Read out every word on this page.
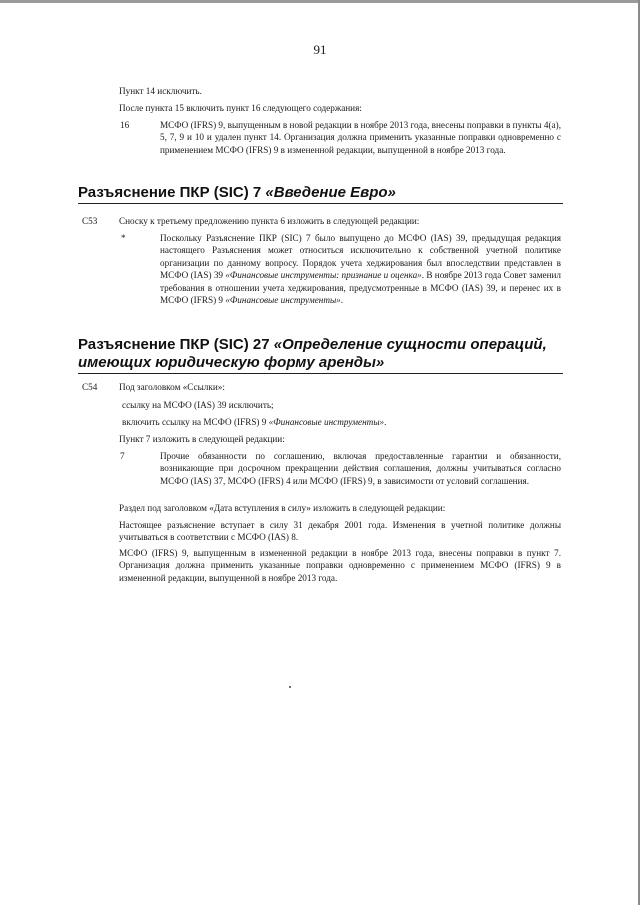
91

Пункт 14 исключить.

После пункта 15 включить пункт 16 следующего содержания:

16	МСФО (IFRS) 9, выпущенным в новой редакции в ноябре 2013 года, внесены поправки в пункты 4(a), 5, 7, 9 и 10 и удален пункт 14. Организация должна применить указанные поправки одновременно с применением МСФО (IFRS) 9 в измененной редакции, выпущенной в ноябре 2013 года.

Разъяснение ПКР (SIC) 7 «Введение Евро»
C53 Сноску к третьему предложению пункта 6 изложить в следующей редакции:

*	Поскольку Разъяснение ПКР (SIC) 7 было выпущено до МСФО (IAS) 39, предыдущая редакция настоящего Разъяснения может относиться исключительно к собственной учетной политике организации по данному вопросу. Порядок учета хеджирования был впоследствии представлен в МСФО (IAS) 39 «Финансовые инструменты: признание и оценка». В ноябре 2013 года Совет заменил требования в отношении учета хеджирования, предусмотренные в МСФО (IAS) 39, и перенес их в МСФО (IFRS) 9 «Финансовые инструменты».

Разъяснение ПКР (SIC) 27 «Определение сущности операций, имеющих юридическую форму аренды»
C54 Под заголовком «Ссылки»:

ссылку на МСФО (IAS) 39 исключить;

включить ссылку на МСФО (IFRS) 9 «Финансовые инструменты».

Пункт 7 изложить в следующей редакции:

7	Прочие обязанности по соглашению, включая предоставленные гарантии и обязанности, возникающие при досрочном прекращении действия соглашения, должны учитываться согласно МСФО (IAS) 37, МСФО (IFRS) 4 или МСФО (IFRS) 9, в зависимости от условий соглашения.

Раздел под заголовком «Дата вступления в силу» изложить в следующей редакции:

Настоящее разъяснение вступает в силу 31 декабря 2001 года. Изменения в учетной политике должны учитываться в соответствии с МСФО (IAS) 8.

МСФО (IFRS) 9, выпущенным в измененной редакции в ноябре 2013 года, внесены поправки в пункт 7. Организация должна применить указанные поправки одновременно с применением МСФО (IFRS) 9 в измененной редакции, выпущенной в ноябре 2013 года.
